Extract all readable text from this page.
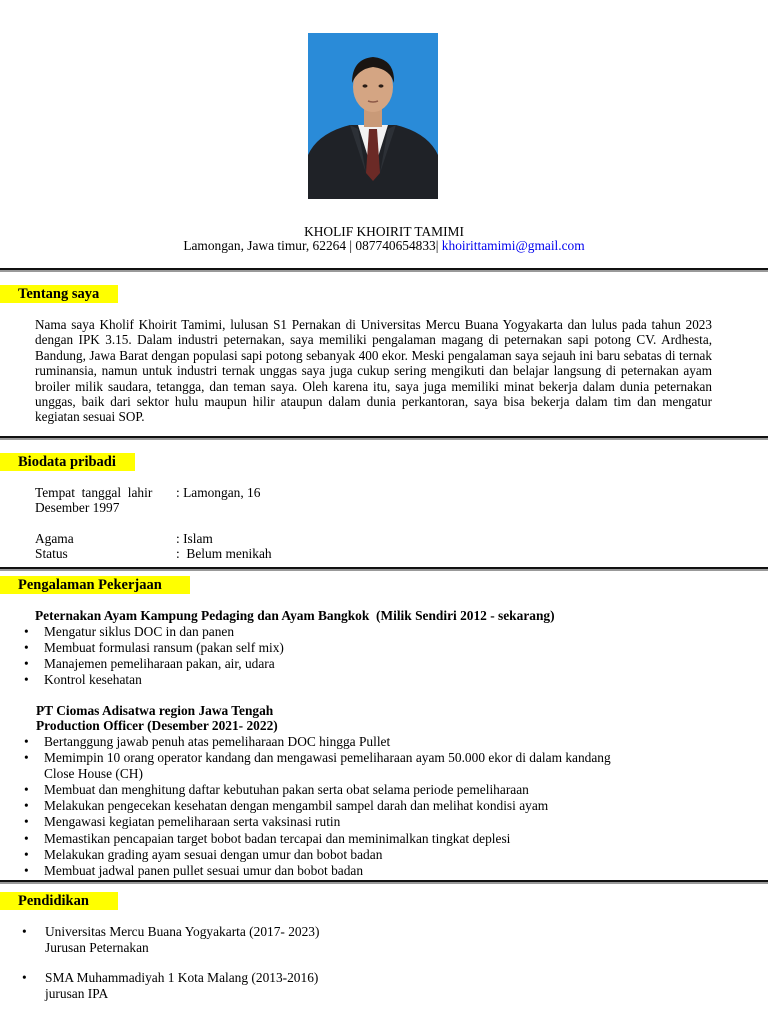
KHOLIF KHOIRIT TAMIMI
Lamongan, Jawa timur, 62264 | 087740654833| khoirittamimi@gmail.com
Tentang saya
Nama saya Kholif Khoirit Tamimi, lulusan S1 Pernakan di Universitas Mercu Buana Yogyakarta dan lulus pada tahun 2023 dengan IPK 3.15. Dalam industri peternakan, saya memiliki pengalaman magang di peternakan sapi potong CV. Ardhesta, Bandung, Jawa Barat dengan populasi sapi potong sebanyak 400 ekor. Meski pengalaman saya sejauh ini baru sebatas di ternak ruminansia, namun untuk industri ternak unggas saya juga cukup sering mengikuti dan belajar langsung di peternakan ayam broiler milik saudara, tetangga, dan teman saya. Oleh karena itu, saya juga memiliki minat bekerja dalam dunia peternakan unggas, baik dari sektor hulu maupun hilir ataupun dalam dunia perkantoran, saya bisa bekerja dalam tim dan mengatur kegiatan sesuai SOP.
Biodata pribadi
Tempat  tanggal  lahir : Lamongan, 16
Desember 1997
Agama	: Islam
Status	:  Belum menikah
Pengalaman Pekerjaan
Peternakan Ayam Kampung Pedaging dan Ayam Bangkok  (Milik Sendiri 2012 - sekarang)
• Mengatur siklus DOC in dan panen
• Membuat formulasi ransum (pakan self mix)
• Manajemen pemeliharaan pakan, air, udara
• Kontrol kesehatan
PT Ciomas Adisatwa region Jawa Tengah
Production Officer (Desember 2021- 2022)
• Bertanggung jawab penuh atas pemeliharaan DOC hingga Pullet
• Memimpin 10 orang operator kandang dan mengawasi pemeliharaan ayam 50.000 ekor di dalam kandang Close House (CH)
• Membuat dan menghitung daftar kebutuhan pakan serta obat selama periode pemeliharaan
• Melakukan pengecekan kesehatan dengan mengambil sampel darah dan melihat kondisi ayam
• Mengawasi kegiatan pemeliharaan serta vaksinasi rutin
• Memastikan pencapaian target bobot badan tercapai dan meminimalkan tingkat deplesi
• Melakukan grading ayam sesuai dengan umur dan bobot badan
• Membuat jadwal panen pullet sesuai umur dan bobot badan
Pendidikan
• Universitas Mercu Buana Yogyakarta (2017- 2023)
Jurusan Peternakan
• SMA Muhammadiyah 1 Kota Malang (2013-2016)
jurusan IPA
